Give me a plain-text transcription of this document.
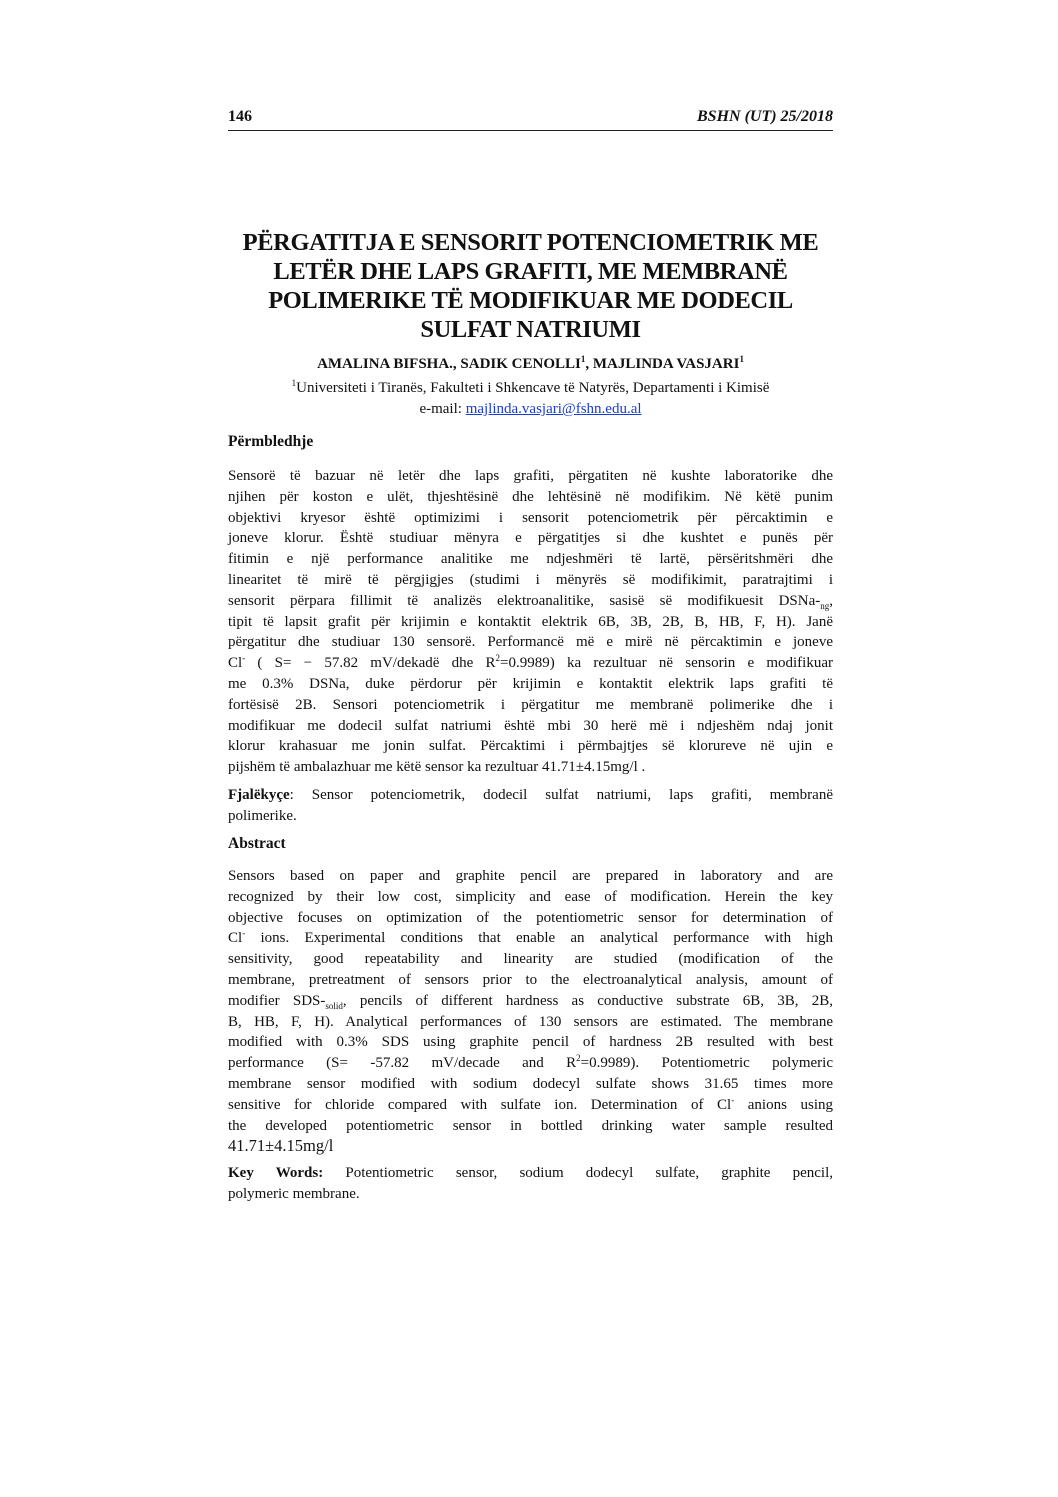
146	BSHN (UT) 25/2018
PËRGATITJA E SENSORIT POTENCIOMETRIK ME
LETËR DHE LAPS GRAFITI, ME MEMBRANË
POLIMERIKE TË MODIFIKUAR ME DODECIL
SULFAT NATRIUMI
AMALINA BIFSHA., SADIK CENOLLI$^1$, MAJLINDA VASJARI$^1$
$^1$Universiteti i Tiranës, Fakulteti i Shkencave të Natyrës, Departamenti i Kimisë
e-mail: majlinda.vasjari@fshn.edu.al
Përmbledhje
Sensorë të bazuar në letër dhe laps grafiti, përgatiten në kushte laboratorike dhe
njihen për koston e ulët, thjeshtësinë dhe lehtësinë në modifikim. Në këtë punim
objektivi kryesor është optimizimi i sensorit potenciometrik për përcaktimin e
joneve klorur. Është studiuar mënyra e përgatitjes si dhe kushtet e punës për
fitimin e një performance analitike me ndjeshmëri të lartë, përsëritshmëri dhe
linearitet të mirë të përgjigjes (studimi i mënyrës së modifikimit, paratrajtimi i
sensorit përpara fillimit të analizës elektroanalitike, sasisë së modifikuesit DSNa-$_{ng}$,
tipit të lapsit grafit për krijimin e kontaktit elektrik 6B, 3B, 2B, B, HB, F, H). Janë
përgatitur dhe studiuar 130 sensorë. Performancë më e mirë në përcaktimin e joneve
Cl- ( S= − 57.82 mV/dekadë dhe $R^2=0.9989$) ka rezultuar në sensorin e modifikuar
me 0.3% DSNa, duke përdorur për krijimin e kontaktit elektrik laps grafiti të
fortësisë 2B. Sensori potenciometrik i përgatitur me membranë polimerike dhe i
modifikuar me dodecil sulfat natriumi është mbi 30 herë më i ndjeshëm ndaj jonit
klorur krahasuar me jonin sulfat. Përcaktimi i përmbajtjes së klorureve në ujin e
pijshëm të ambalazhuar me këtë sensor ka rezultuar 41.71±4.15mg/l .
Fjalëkyçe: Sensor potenciometrik, dodecil sulfat natriumi, laps grafiti, membranë
polimerike.
Abstract
Sensors based on paper and graphite pencil are prepared in laboratory and are
recognized by their low cost, simplicity and ease of modification. Herein the key
objective focuses on optimization of the potentiometric sensor for determination of
Cl- ions. Experimental conditions that enable an analytical performance with high
sensitivity, good repeatability and linearity are studied (modification of the
membrane, pretreatment of sensors prior to the electroanalytical analysis, amount of
modifier SDS-$_{solid}$, pencils of different hardness as conductive substrate 6B, 3B, 2B,
B, HB, F, H). Analytical performances of 130 sensors are estimated. The membrane
modified with 0.3% SDS using graphite pencil of hardness 2B resulted with best
performance (S= -57.82 mV/decade and $R^2=0.9989$). Potentiometric polymeric
membrane sensor modified with sodium dodecyl sulfate shows 31.65 times more
sensitive for chloride compared with sulfate ion. Determination of Cl- anions using
the developed potentiometric sensor in bottled drinking water sample resulted
41.71±4.15mg/l
Key Words: Potentiometric sensor, sodium dodecyl sulfate, graphite pencil,
polymeric membrane.
